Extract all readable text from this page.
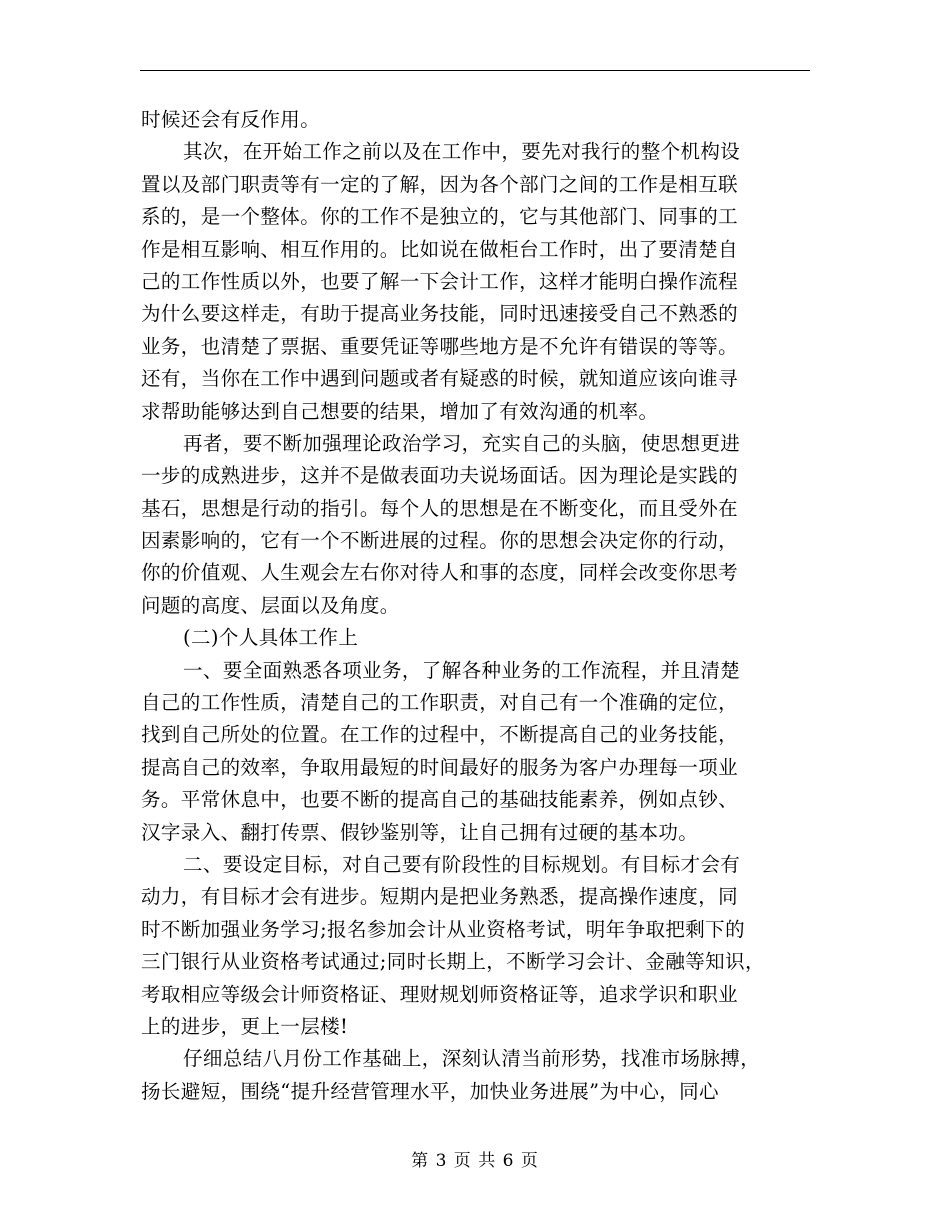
时候还会有反作用。
其次，在开始工作之前以及在工作中，要先对我行的整个机构设
置以及部门职责等有一定的了解，因为各个部门之间的工作是相互联
系的，是一个整体。你的工作不是独立的，它与其他部门、同事的工
作是相互影响、相互作用的。比如说在做柜台工作时，出了要清楚自
己的工作性质以外，也要了解一下会计工作，这样才能明白操作流程
为什么要这样走，有助于提高业务技能，同时迅速接受自己不熟悉的
业务，也清楚了票据、重要凭证等哪些地方是不允许有错误的等等。
还有，当你在工作中遇到问题或者有疑惑的时候，就知道应该向谁寻
求帮助能够达到自己想要的结果，增加了有效沟通的机率。
再者，要不断加强理论政治学习，充实自己的头脑，使思想更进
一步的成熟进步，这并不是做表面功夫说场面话。因为理论是实践的
基石，思想是行动的指引。每个人的思想是在不断变化，而且受外在
因素影响的，它有一个不断进展的过程。你的思想会决定你的行动，
你的价值观、人生观会左右你对待人和事的态度，同样会改变你思考
问题的高度、层面以及角度。
(二)个人具体工作上
一、要全面熟悉各项业务，了解各种业务的工作流程，并且清楚
自己的工作性质，清楚自己的工作职责，对自己有一个准确的定位，
找到自己所处的位置。在工作的过程中，不断提高自己的业务技能，
提高自己的效率，争取用最短的时间最好的服务为客户办理每一项业
务。平常休息中，也要不断的提高自己的基础技能素养，例如点钞、
汉字录入、翻打传票、假钞鉴别等，让自己拥有过硬的基本功。
二、要设定目标，对自己要有阶段性的目标规划。有目标才会有
动力，有目标才会有进步。短期内是把业务熟悉，提高操作速度，同
时不断加强业务学习;报名参加会计从业资格考试，明年争取把剩下的
三门银行从业资格考试通过;同时长期上，不断学习会计、金融等知识，
考取相应等级会计师资格证、理财规划师资格证等，追求学识和职业
上的进步，更上一层楼!
仔细总结八月份工作基础上，深刻认清当前形势，找准市场脉搏，
扬长避短，围绕“提升经营管理水平，加快业务进展”为中心，同心
第 3 页 共 6 页
